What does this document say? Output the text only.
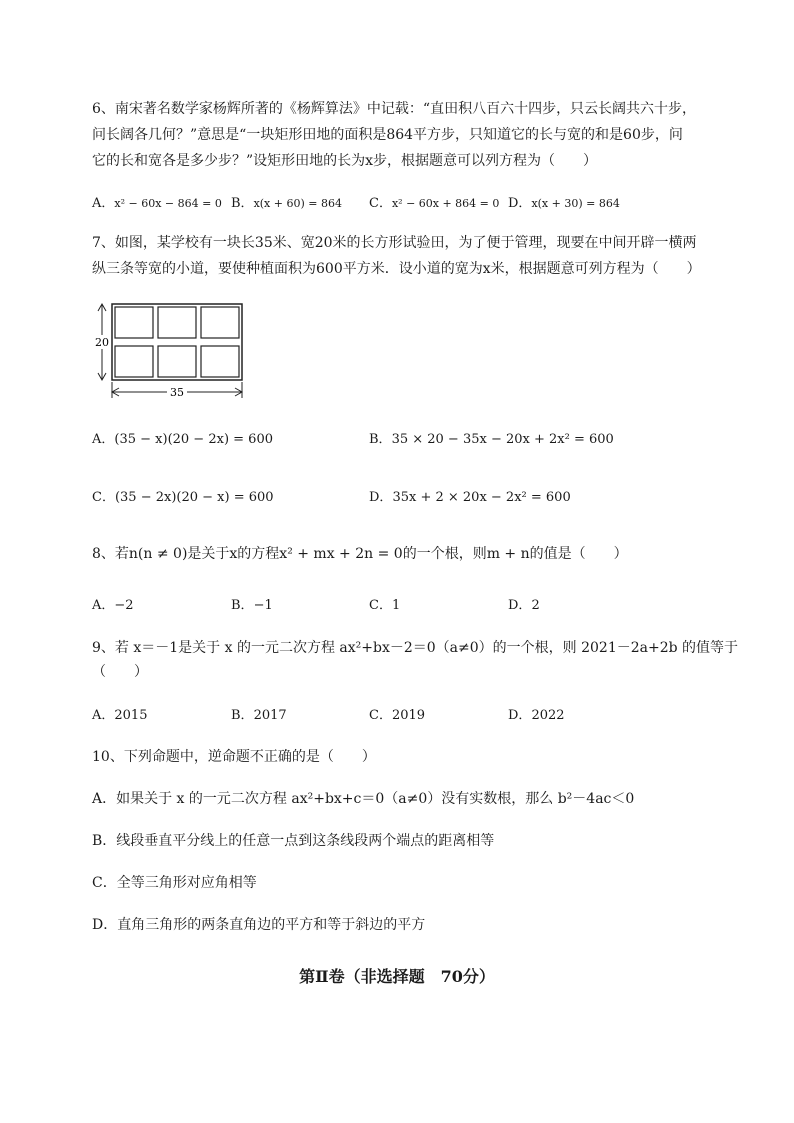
6、南宋著名数学家杨辉所著的《杨辉算法》中记载：“直田积八百六十四步，只云长阔共六十步，
问长阔各几何？”意思是“一块矩形田地的面积是864平方步，只知道它的长与宽的和是60步，问
它的长和宽各是多少步？”设矩形田地的长为x步，根据题意可以列方程为（　　）
A．x² − 60x − 864 = 0 B．x(x + 60) = 864 C．x² − 60x + 864 = 0 D．x(x + 30) = 864
7、如图，某学校有一块长35米、宽20米的长方形试验田，为了便于管理，现要在中间开辟一横两
纵三条等宽的小道，要使种植面积为600平方米．设小道的宽为x米，根据题意可列方程为（　　）
20
35
A．(35 − x)(20 − 2x) = 600	B．35 × 20 − 35x − 20x + 2x² = 600
C．(35 − 2x)(20 − x) = 600	D．35x + 2 × 20x − 2x² = 600
8、若n(n ≠ 0)是关于x的方程x² + mx + 2n = 0的一个根，则m + n的值是（　　）
A．−2	B．−1	C．1	D．2
9、若 x＝－1是关于 x 的一元二次方程 ax²+bx－2＝0（a≠0）的一个根，则 2021－2a+2b 的值等于
（　　）
A．2015	B．2017	C．2019	D．2022
10、下列命题中，逆命题不正确的是（　　）
A．如果关于 x 的一元二次方程 ax²+bx+c＝0（a≠0）没有实数根，那么 b²－4ac＜0
B．线段垂直平分线上的任意一点到这条线段两个端点的距离相等
C．全等三角形对应角相等
D．直角三角形的两条直角边的平方和等于斜边的平方
第Ⅱ卷（非选择题　70分）
